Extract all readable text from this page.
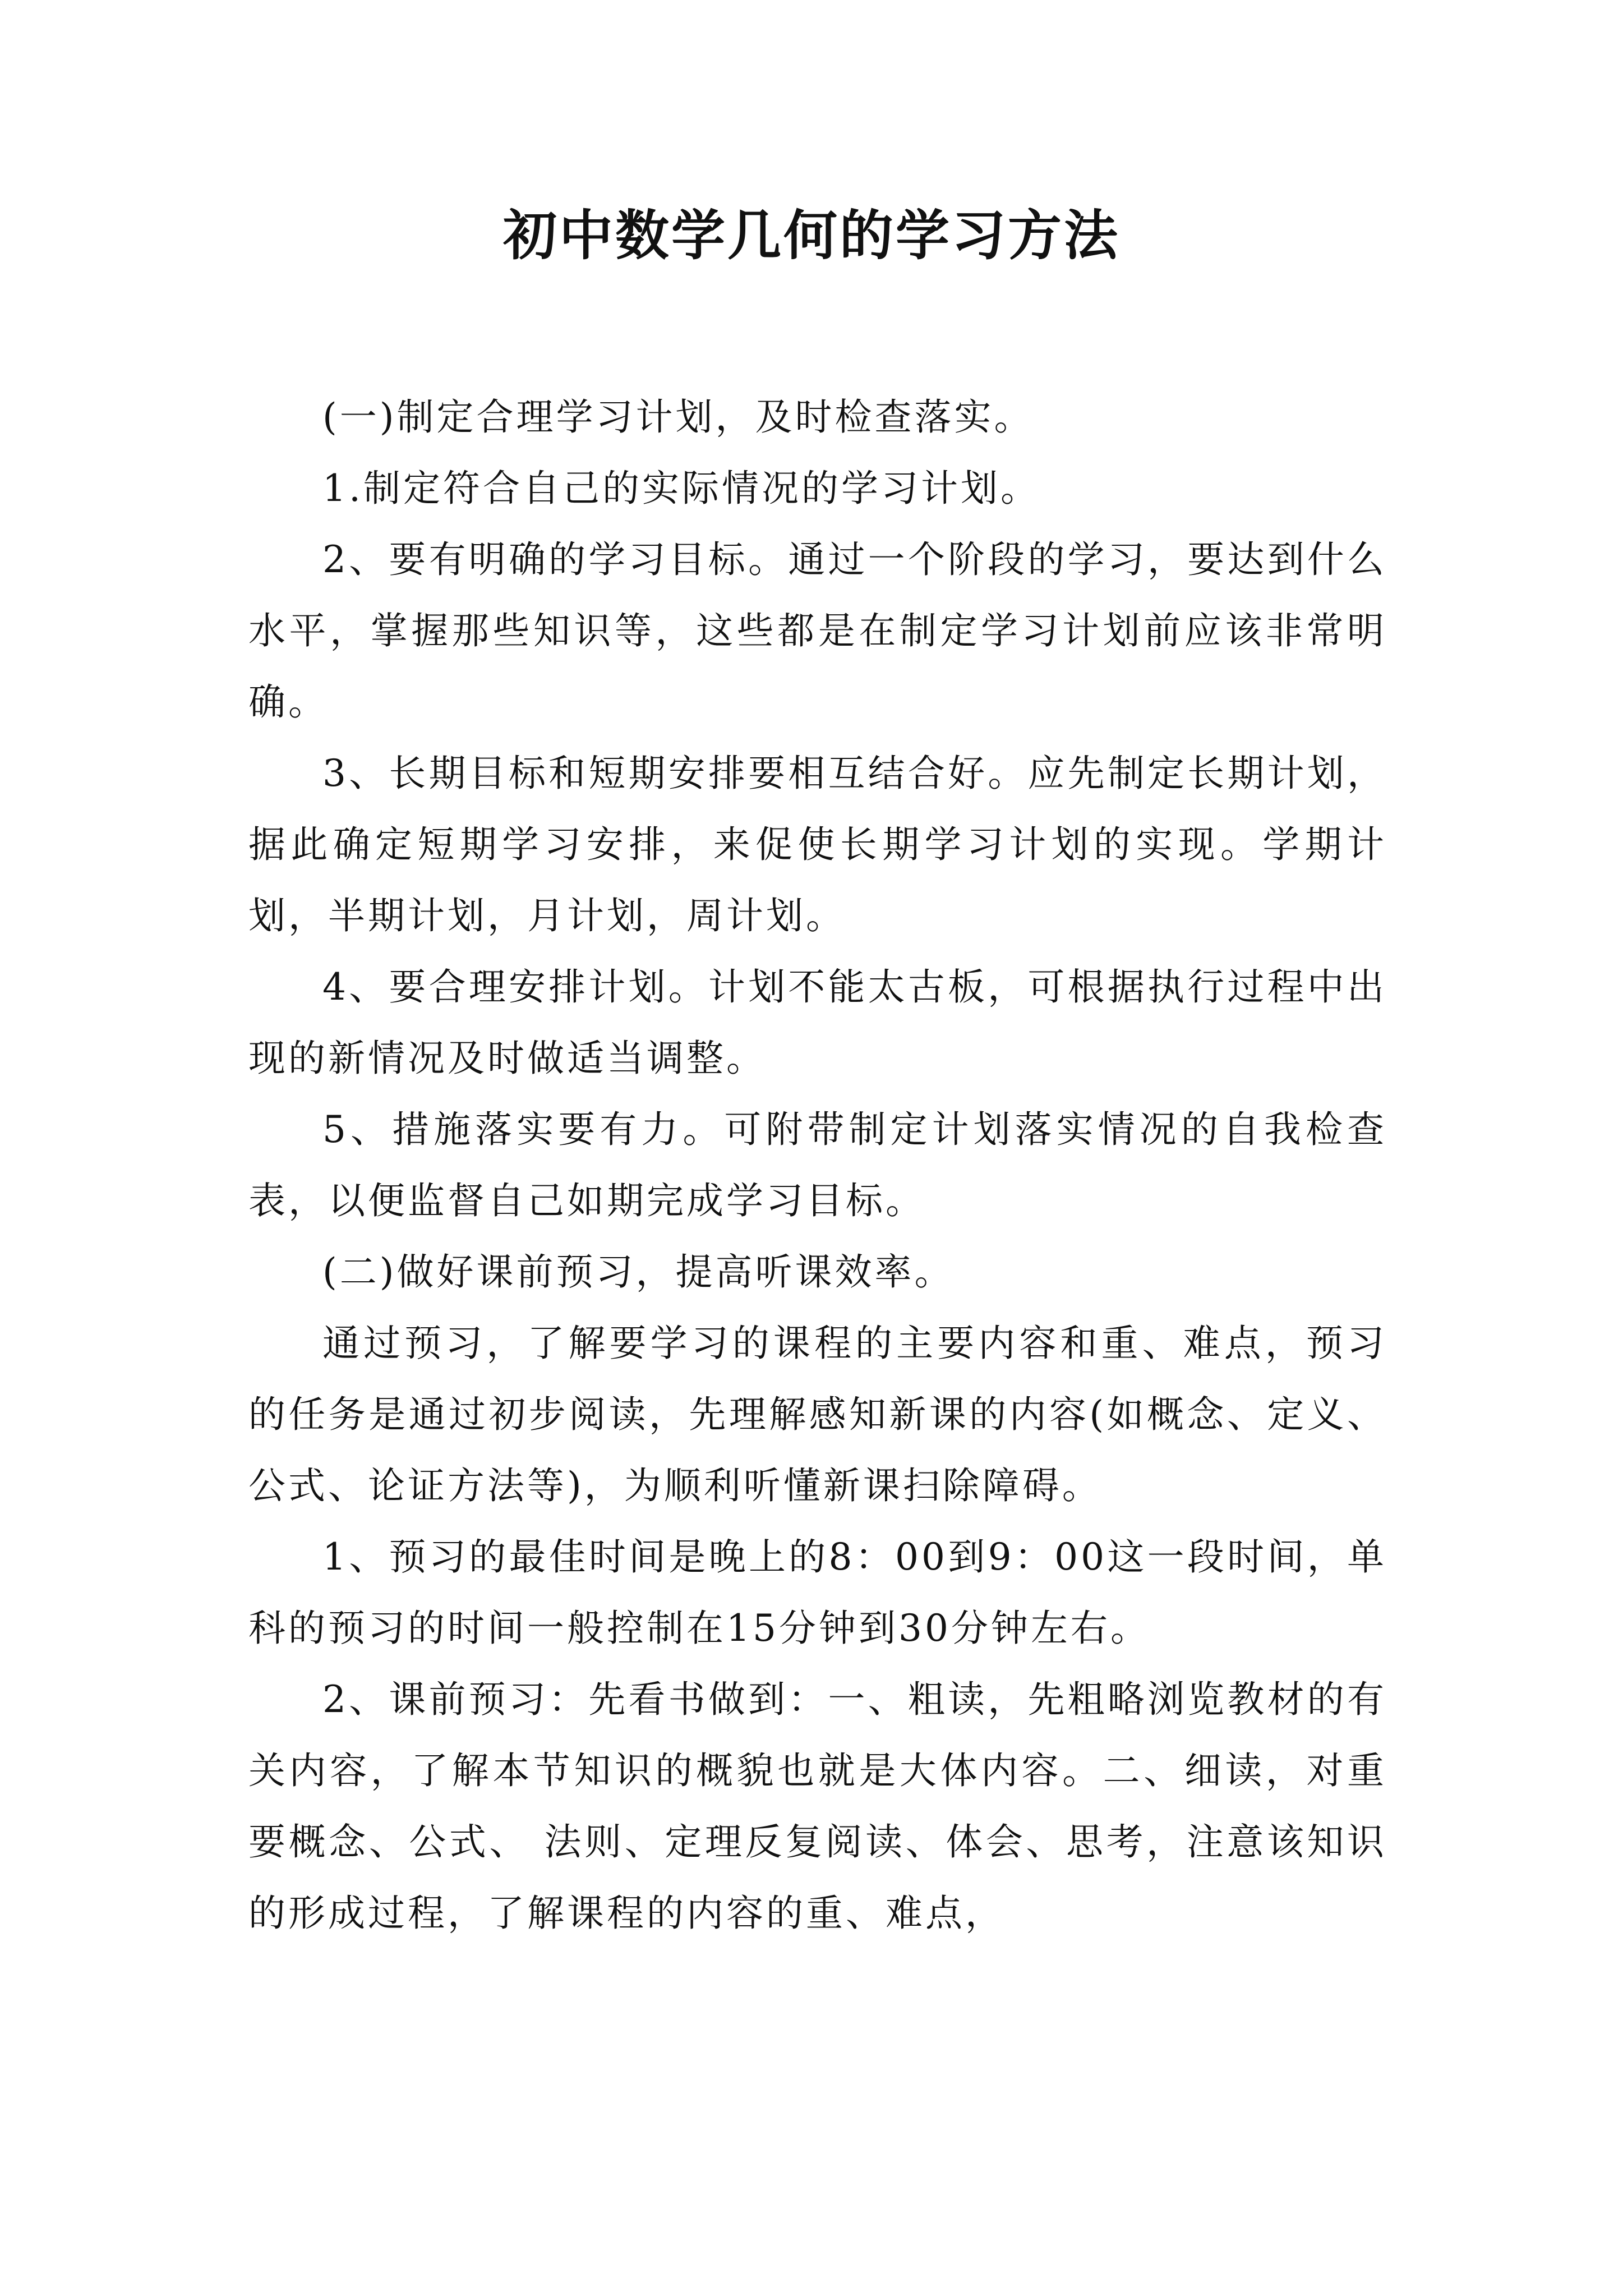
初中数学几何的学习方法

(一)制定合理学习计划，及时检查落实。

1.制定符合自己的实际情况的学习计划。

2、要有明确的学习目标。通过一个阶段的学习，要达到什么水平，掌握那些知识等，这些都是在制定学习计划前应该非常明确。

3、长期目标和短期安排要相互结合好。应先制定长期计划，据此确定短期学习安排，来促使长期学习计划的实现。学期计划，半期计划，月计划，周计划。

4、要合理安排计划。计划不能太古板，可根据执行过程中出现的新情况及时做适当调整。

5、措施落实要有力。可附带制定计划落实情况的自我检查表，以便监督自己如期完成学习目标。

(二)做好课前预习，提高听课效率。

通过预习，了解要学习的课程的主要内容和重、难点，预习的任务是通过初步阅读，先理解感知新课的内容(如概念、定义、公式、论证方法等)，为顺利听懂新课扫除障碍。

1、预习的最佳时间是晚上的8：00到9：00这一段时间，单科的预习的时间一般控制在15分钟到30分钟左右。

2、课前预习：先看书做到：一、粗读，先粗略浏览教材的有关内容，了解本节知识的概貌也就是大体内容。二、细读，对重要概念、公式、 法则、定理反复阅读、体会、思考，注意该知识的形成过程，了解课程的内容的重、难点，
